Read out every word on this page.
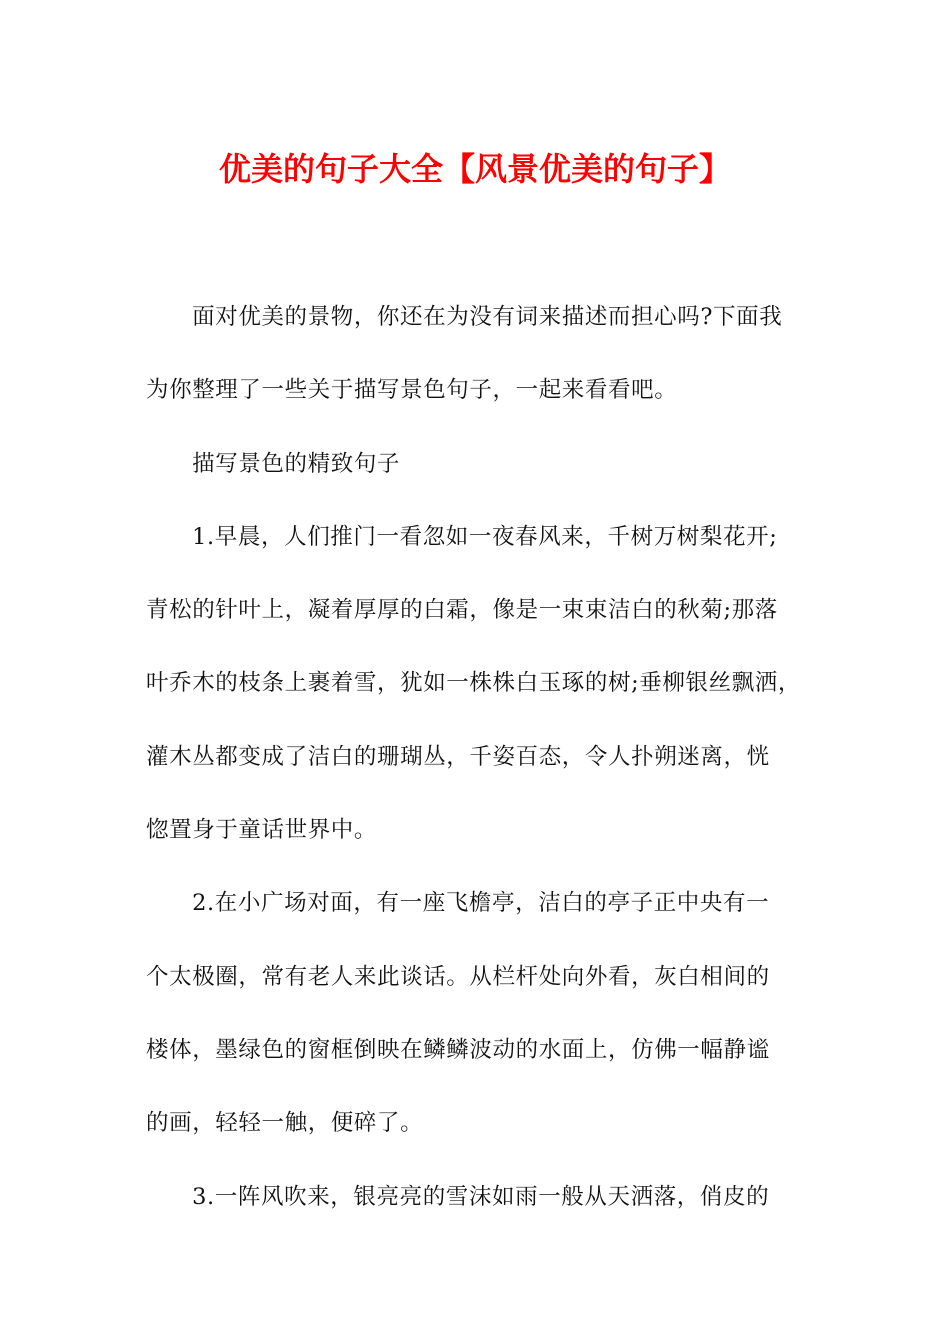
优美的句子大全【风景优美的句子】

面对优美的景物，你还在为没有词来描述而担心吗?下面我
为你整理了一些关于描写景色句子，一起来看看吧。

描写景色的精致句子

1.早晨，人们推门一看忽如一夜春风来，千树万树梨花开;
青松的针叶上，凝着厚厚的白霜，像是一束束洁白的秋菊;那落
叶乔木的枝条上裹着雪，犹如一株株白玉琢的树;垂柳银丝飘洒，
灌木丛都变成了洁白的珊瑚丛，千姿百态，令人扑朔迷离，恍
惚置身于童话世界中。

2.在小广场对面，有一座飞檐亭，洁白的亭子正中央有一
个太极圈，常有老人来此谈话。从栏杆处向外看，灰白相间的
楼体，墨绿色的窗框倒映在鳞鳞波动的水面上，仿佛一幅静谧
的画，轻轻一触，便碎了。

3.一阵风吹来，银亮亮的雪沫如雨一般从天洒落，俏皮的
